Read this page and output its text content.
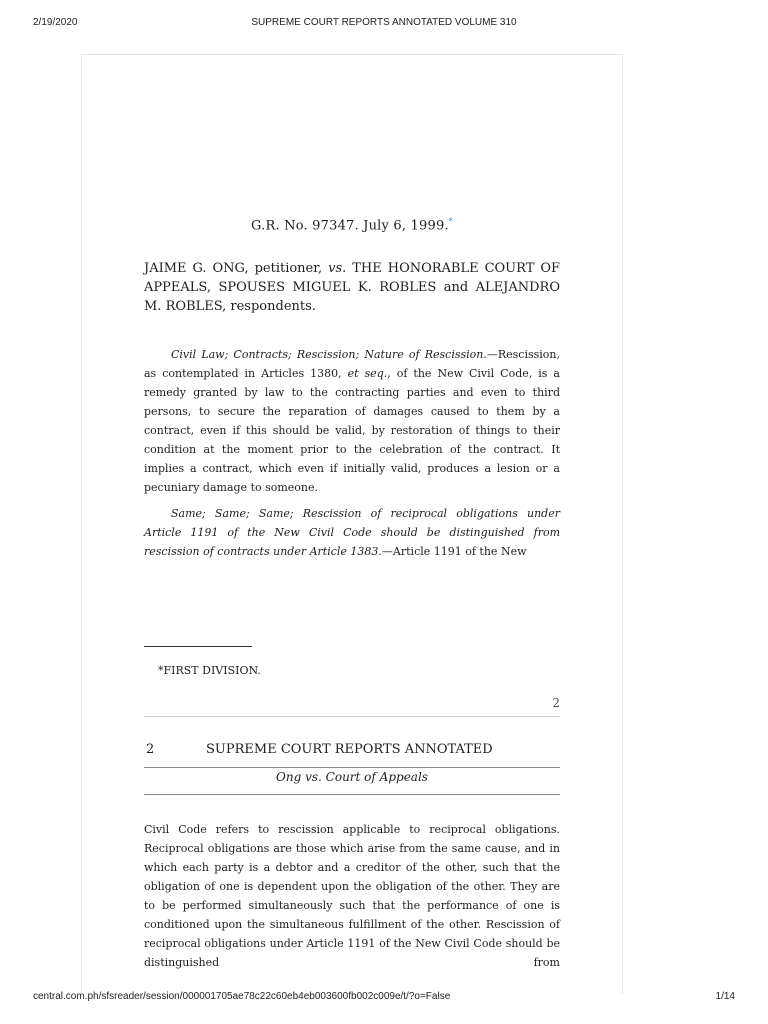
2/19/2020	SUPREME COURT REPORTS ANNOTATED VOLUME 310
G.R. No. 97347. July 6, 1999.*
JAIME G. ONG, petitioner, vs. THE HONORABLE COURT OF APPEALS, SPOUSES MIGUEL K. ROBLES and ALEJANDRO M. ROBLES, respondents.

Civil Law; Contracts; Rescission; Nature of Rescission.—Rescission, as contemplated in Articles 1380, et seq., of the New Civil Code, is a remedy granted by law to the contracting parties and even to third persons, to secure the reparation of damages caused to them by a contract, even if this should be valid, by restoration of things to their condition at the moment prior to the celebration of the contract. It implies a contract, which even if initially valid, produces a lesion or a pecuniary damage to someone.

Same; Same; Same; Rescission of reciprocal obligations under Article 1191 of the New Civil Code should be distinguished from rescission of contracts under Article 1383.—Article 1191 of the New

*FIRST DIVISION.
2
2	SUPREME COURT REPORTS ANNOTATED
Ong vs. Court of Appeals
Civil Code refers to rescission applicable to reciprocal obligations. Reciprocal obligations are those which arise from the same cause, and in which each party is a debtor and a creditor of the other, such that the obligation of one is dependent upon the obligation of the other. They are to be performed simultaneously such that the performance of one is conditioned upon the simultaneous fulfillment of the other. Rescission of reciprocal obligations under Article 1191 of the New Civil Code should be distinguished from
central.com.ph/sfsreader/session/000001705ae78c22c60eb4eb003600fb002c009e/t/?o=False	1/14
